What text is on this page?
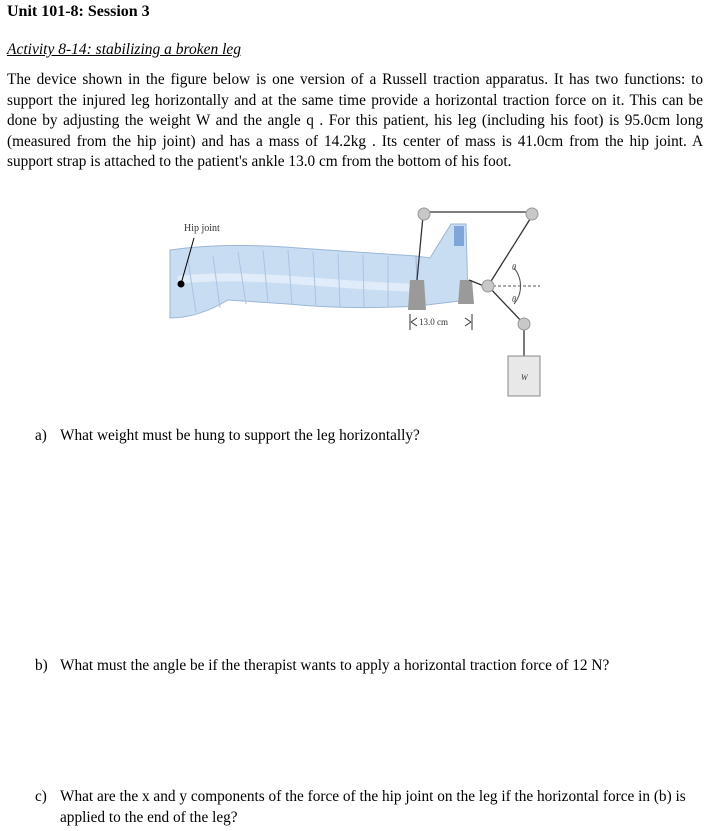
Unit 101-8: Session 3
Activity 8-14: stabilizing a broken leg
The device shown in the figure below is one version of a Russell traction apparatus. It has two functions: to support the injured leg horizontally and at the same time provide a horizontal traction force on it. This can be done by adjusting the weight W and the angle q . For this patient, his leg (including his foot) is 95.0cm long (measured from the hip joint) and has a mass of 14.2kg . Its center of mass is 41.0cm from the hip joint. A support strap is attached to the patient's ankle 13.0 cm from the bottom of his foot.
Hip joint
θ
θ
W
13.0 cm
a) What weight must be hung to support the leg horizontally?
b) What must the angle be if the therapist wants to apply a horizontal traction force of 12 N?
c) What are the x and y components of the force of the hip joint on the leg if the horizontal force in (b) is applied to the end of the leg?
